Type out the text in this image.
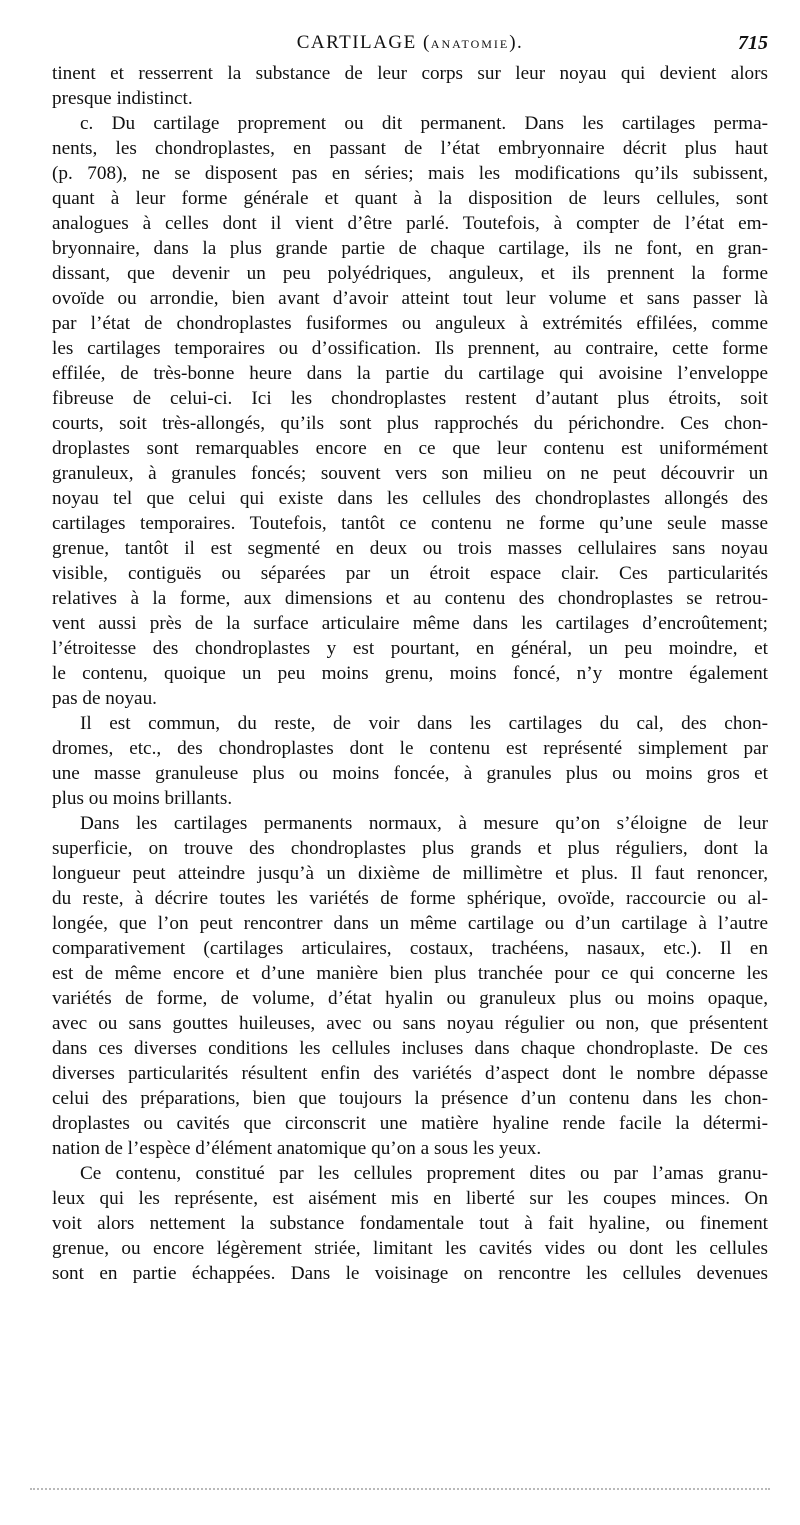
CARTILAGE (ANATOMIE).	715
tinent et resserrent la substance de leur corps sur leur noyau qui devient alors
presque indistinct.
c. Du cartilage proprement ou dit permanent. Dans les cartilages perma-
nents, les chondroplastes, en passant de l’état embryonnaire décrit plus haut
(p. 708), ne se disposent pas en séries; mais les modifications qu’ils subissent,
quant à leur forme générale et quant à la disposition de leurs cellules, sont
analogues à celles dont il vient d’être parlé. Toutefois, à compter de l’état em-
bryonnaire, dans la plus grande partie de chaque cartilage, ils ne font, en gran-
dissant, que devenir un peu polyédriques, anguleux, et ils prennent la forme
ovoïde ou arrondie, bien avant d’avoir atteint tout leur volume et sans passer là
par l’état de chondroplastes fusiformes ou anguleux à extrémités effilées, comme
les cartilages temporaires ou d’ossification. Ils prennent, au contraire, cette forme
effilée, de très-bonne heure dans la partie du cartilage qui avoisine l’enveloppe
fibreuse de celui-ci. Ici les chondroplastes restent d’autant plus étroits, soit
courts, soit très-allongés, qu’ils sont plus rapprochés du périchondre. Ces chon-
droplastes sont remarquables encore en ce que leur contenu est uniformément
granuleux, à granules foncés; souvent vers son milieu on ne peut découvrir un
noyau tel que celui qui existe dans les cellules des chondroplastes allongés des
cartilages temporaires. Toutefois, tantôt ce contenu ne forme qu’une seule masse
grenue, tantôt il est segmenté en deux ou trois masses cellulaires sans noyau
visible, contiguës ou séparées par un étroit espace clair. Ces particularités
relatives à la forme, aux dimensions et au contenu des chondroplastes se retrou-
vent aussi près de la surface articulaire même dans les cartilages d’encroûtement;
l’étroitesse des chondroplastes y est pourtant, en général, un peu moindre, et
le contenu, quoique un peu moins grenu, moins foncé, n’y montre également
pas de noyau.
Il est commun, du reste, de voir dans les cartilages du cal, des chon-
dromes, etc., des chondroplastes dont le contenu est représenté simplement par
une masse granuleuse plus ou moins foncée, à granules plus ou moins gros et
plus ou moins brillants.
Dans les cartilages permanents normaux, à mesure qu’on s’éloigne de leur
superficie, on trouve des chondroplastes plus grands et plus réguliers, dont la
longueur peut atteindre jusqu’à un dixième de millimètre et plus. Il faut renoncer,
du reste, à décrire toutes les variétés de forme sphérique, ovoïde, raccourcie ou al-
longée, que l’on peut rencontrer dans un même cartilage ou d’un cartilage à l’autre
comparativement (cartilages articulaires, costaux, trachéens, nasaux, etc.). Il en
est de même encore et d’une manière bien plus tranchée pour ce qui concerne les
variétés de forme, de volume, d’état hyalin ou granuleux plus ou moins opaque,
avec ou sans gouttes huileuses, avec ou sans noyau régulier ou non, que présentent
dans ces diverses conditions les cellules incluses dans chaque chondroplaste. De ces
diverses particularités résultent enfin des variétés d’aspect dont le nombre dépasse
celui des préparations, bien que toujours la présence d’un contenu dans les chon-
droplastes ou cavités que circonscrit une matière hyaline rende facile la détermi-
nation de l’espèce d’élément anatomique qu’on a sous les yeux.
Ce contenu, constitué par les cellules proprement dites ou par l’amas granu-
leux qui les représente, est aisément mis en liberté sur les coupes minces. On
voit alors nettement la substance fondamentale tout à fait hyaline, ou finement
grenue, ou encore légèrement striée, limitant les cavités vides ou dont les cellules
sont en partie échappées. Dans le voisinage on rencontre les cellules devenues
